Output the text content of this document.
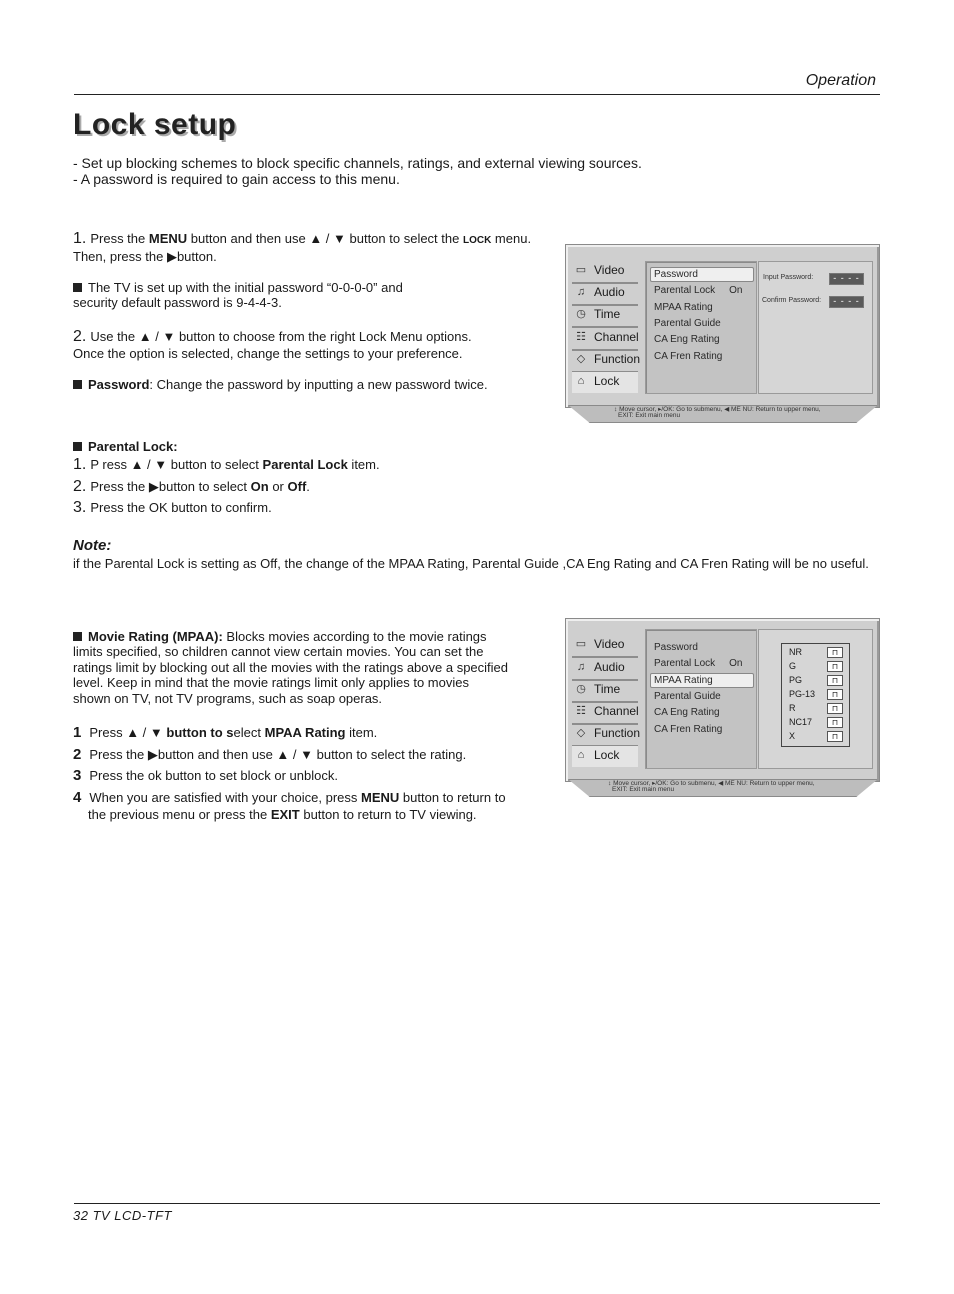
Operation
Lock setup
- Set up blocking schemes to block specific channels, ratings, and external viewing sources.
- A password is required to gain access to this menu.
1. Press the MENU button and then use ▲ / ▼ button to select the LOCK menu.
Then, press the ▶button.
The TV is set up with the initial password “0-0-0-0” and
security default password is 9-4-4-3.
2. Use the ▲ / ▼ button to choose from the right Lock Menu options.
Once the option is selected, change the settings to your preference.
Password: Change the password by inputting a new password twice.
▭ Video
♫ Audio
◷ Time
☷ Channel
◇ Function
⌂ Lock
Password
Parental Lock On
MPAA Rating
Parental Guide
CA Eng Rating
CA Fren Rating
Input Password:	- - - -
Confirm Password:	- - - -
↕ Move cursor, ▸/OK: Go to submenu, ◀ ME NU: Return to upper menu,
EXIT: Exit main menu
Parental Lock:
1. P ress ▲ / ▼ button to select Parental Lock item.
2. Press the ▶button to select On or Off.
3. Press the OK button to confirm.
Note:
if the Parental Lock is setting as Off, the change of the MPAA Rating, Parental Guide ,CA Eng Rating and CA Fren Rating will be no useful.
Movie Rating (MPAA): Blocks movies according to the movie ratings
limits specified, so children cannot view certain movies. You can set the
ratings limit by blocking out all the movies with the ratings above a specified
level. Keep in mind that the movie ratings limit only applies to movies
shown on TV, not TV programs, such as soap operas.
1 Press ▲ / ▼ button to select MPAA Rating item.
2 Press the ▶button and then use ▲ / ▼ button to select the rating.
3 Press the ok button to set block or unblock.
4 When you are satisfied with your choice, press MENU button to return to
the previous menu or press the EXIT button to return to TV viewing.
▭ Video
♫ Audio
◷ Time
☷ Channel
◇ Function
⌂ Lock
Password
Parental Lock On
MPAA Rating
Parental Guide
CA Eng Rating
CA Fren Rating
NR	⊓
G	⊓
PG	⊓
PG-13	⊓
R	⊓
NC17	⊓
X	⊓
↕ Move cursor, ▸/OK: Go to submenu, ◀ ME NU: Return to upper menu,
EXIT: Exit main menu
32 TV LCD-TFT
